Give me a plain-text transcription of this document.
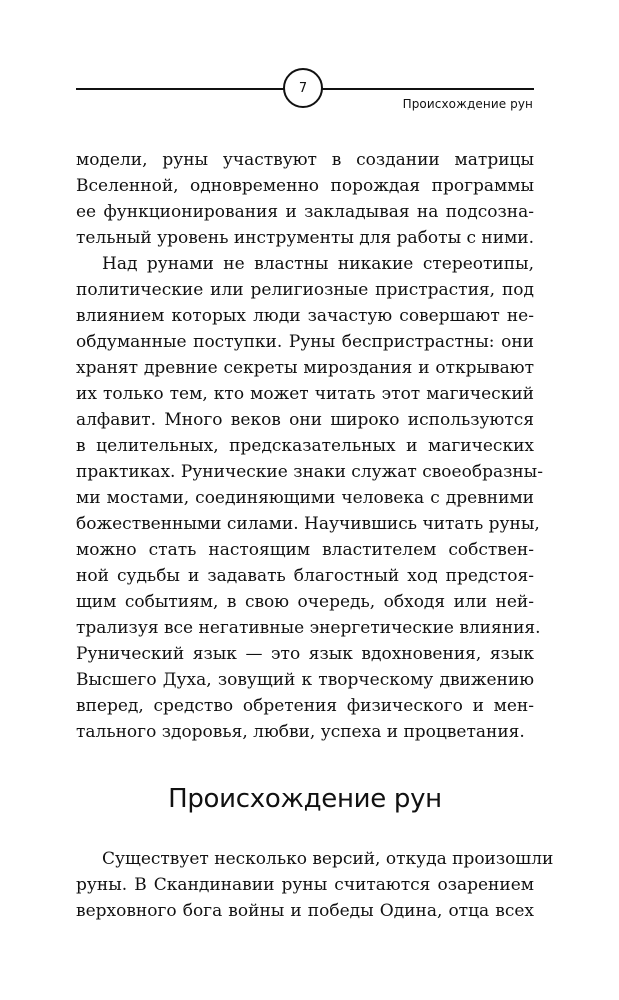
7
Происхождение рун
модели, руны участвуют в создании матрицы
Вселенной, одновременно порождая программы
ее функционирования и закладывая на подсозна-
тельный уровень инструменты для работы с ними.
Над рунами не властны никакие стереотипы,
политические или религиозные пристрастия, под
влиянием которых люди зачастую совершают не-
обдуманные поступки. Руны беспристрастны: они
хранят древние секреты мироздания и открывают
их только тем, кто может читать этот магический
алфавит. Много веков они широко используются
в целительных, предсказательных и магических
практиках. Рунические знаки служат своеобразны-
ми мостами, соединяющими человека с древними
божественными силами. Научившись читать руны,
можно стать настоящим властителем собствен-
ной судьбы и задавать благостный ход предстоя-
щим событиям, в свою очередь, обходя или ней-
трализуя все негативные энергетические влияния.
Рунический язык — это язык вдохновения, язык
Высшего Духа, зовущий к творческому движению
вперед, средство обретения физического и мен-
тального здоровья, любви, успеха и процветания.
Происхождение рун
Существует несколько версий, откуда произошли
руны. В Скандинавии руны считаются озарением
верховного бога войны и победы Одина, отца всех
